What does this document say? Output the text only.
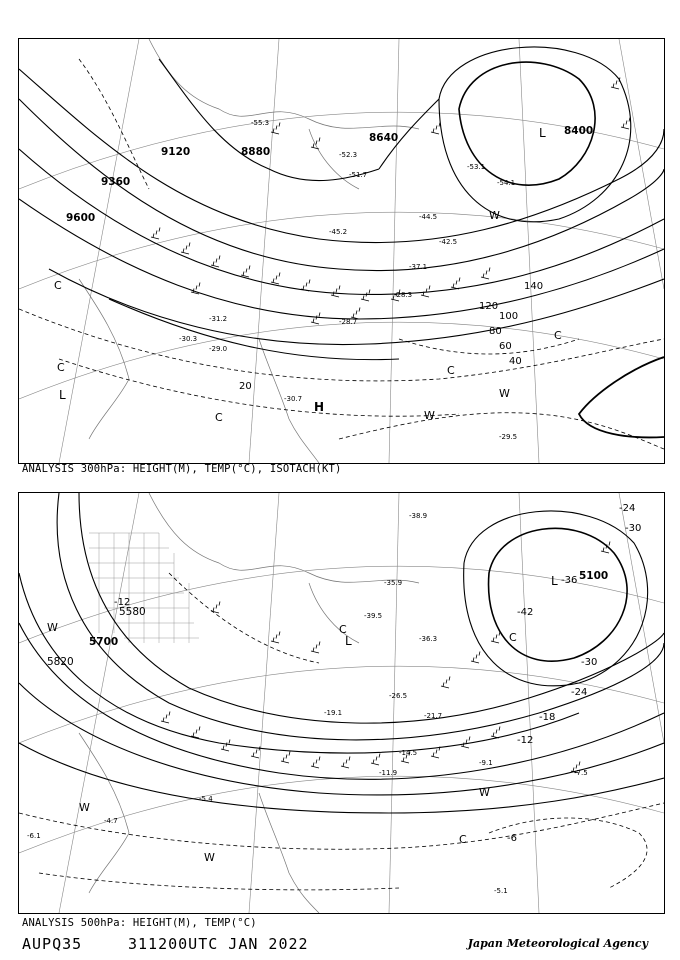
9120	8880
9360
9600
8640
8400
20
40
60
80
100
120
140
-45.2
-44.5
-42.5
-37.1
-28.3
-28.7
-29.0
-30.3
-31.2
-30.7
-29.5
-52.3
-53.1
-54.1
-55.3
-51.7
L
L
H
C
C
C	W
W
W
C
C
ANALYSIS 300hPa: HEIGHT(M), TEMP(°C), ISOTACH(KT)
5100
5700
5820
5580
-12
-18
-24
-30
-36
-42
-6
-24
-30
-12
-38.9
-39.5
-36.3
-35.9
-26.5
-21.7
-19.1
-14.5
-11.9
-9.1
-7.5
-5.1
-4.7
-6.1
-5.4
L
L	C
C
C
W
W
W
W
ANALYSIS 500hPa: HEIGHT(M), TEMP(°C)
AUPQ35	311200UTC JAN 2022	Japan Meteorological Agency
